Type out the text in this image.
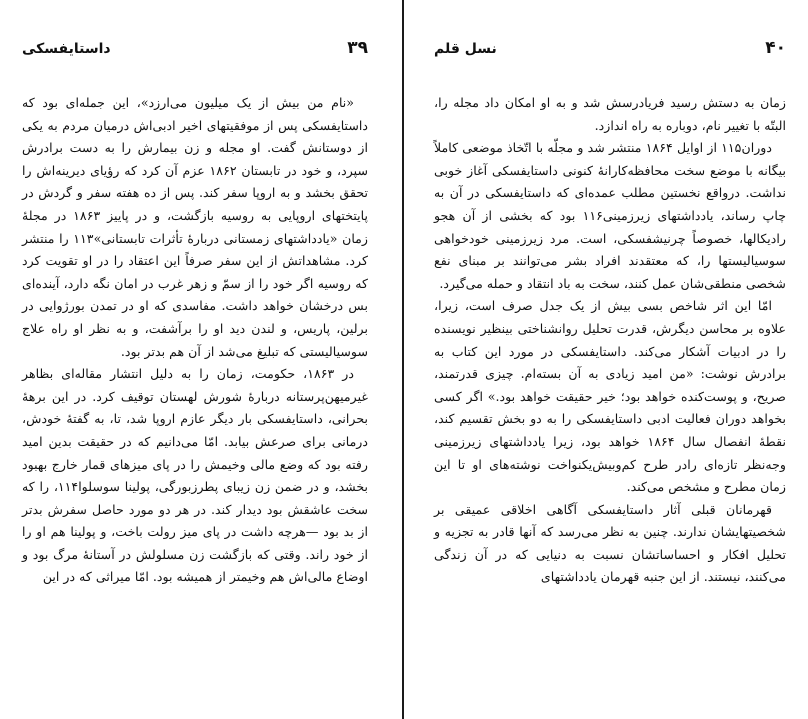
۳۹
داستایفسکی

«نام من بیش از یک میلیون می‌ارزد»، این جمله‌ای بود که داستایفسکی پس از موفقیتهای اخیر ادبی‌اش درمیان مردم به یکی از دوستانش گفت. او مجله و زن بیمارش را به دست برادرش سپرد، و خود در تابستان ۱۸۶۲ عزم آن کرد که رؤیای دیرینه‌اش را تحقق بخشد و به اروپا سفر کند. پس از ده هفته سفر و گردش در پایتختهای اروپایی به روسیه بازگشت، و در پاییز ۱۸۶۳ در مجلهٔ زمان «یادداشتهای زمستانی دربارهٔ تأثرات تابستانی»۱۱۳ را منتشر کرد. مشاهداتش از این سفر صرفاً این اعتقاد را در او تقویت کرد که روسیه اگر خود را از سمّ و زهر غرب در امان نگه دارد، آینده‌ای بس درخشان خواهد داشت. مفاسدی که او در تمدن بورژوایی در برلین، پاریس، و لندن دید او را برآشفت، و به نظر او راه علاج سوسیالیستی که تبلیغ می‌شد از آن هم بدتر بود.

در ۱۸۶۳، حکومت، زمان را به دلیل انتشار مقاله‌ای بظاهر غیرمیهن‌پرستانه دربارهٔ شورش لهستان توقیف کرد. در این برههٔ بحرانی، داستایفسکی بار دیگر عازم اروپا شد، تا، به گفتهٔ خودش، درمانی برای صرعش بیابد. امّا می‌دانیم که در حقیقت بدین امید رفته بود که وضع مالی وخیمش را در پای میزهای قمار خارج بهبود بخشد، و در ضمن زن زیبای پطرزبورگی، پولینا سوسلوا۱۱۴، را که سخت عاشقش بود دیدار کند. در هر دو مورد حاصل سفرش بدتر از بد بود —هرچه داشت در پای میز رولت باخت، و پولینا هم او را از خود راند. وقتی که بازگشت زن مسلولش در آستانهٔ مرگ بود و اوضاع مالی‌اش هم وخیمتر از همیشه بود. امّا میراثی که در این

۴۰
نسل قلم

زمان به دستش رسید فریادرسش شد و به او امکان داد مجله را، البتّه با تغییر نام، دوباره به راه اندازد.

دوران۱۱۵ از اوایل ۱۸۶۴ منتشر شد و مجلّه با اتّخاذ موضعی کاملاً بیگانه با موضع سخت محافظه‌کارانهٔ کنونی داستایفسکی آغاز خوبی نداشت. درواقع نخستین مطلب عمده‌ای که داستایفسکی در آن به چاپ رساند، یادداشتهای زیرزمینی۱۱۶ بود که بخشی از آن هجو رادیکالها، خصوصاً چرنیشفسکی، است. مرد زیرزمینی خودخواهی سوسیالیستها را، که معتقدند افراد بشر می‌توانند بر مبنای نفع شخصی منطقی‌شان عمل کنند، سخت به باد انتقاد و حمله می‌گیرد.

امّا این اثر شاخص بسی بیش از یک جدل صرف است، زیرا، علاوه بر محاسن دیگرش، قدرت تحلیل روانشناختی بینظیر نویسنده را در ادبیات آشکار می‌کند. داستایفسکی در مورد این کتاب به برادرش نوشت: «من امید زیادی به آن بسته‌ام. چیزی قدرتمند، صریح، و پوست‌کنده خواهد بود؛ خیر حقیقت خواهد بود.» اگر کسی بخواهد دوران فعالیت ادبی داستایفسکی را به دو بخش تقسیم کند، نقطهٔ انفصال سال ۱۸۶۴ خواهد بود، زیرا یادداشتهای زیرزمینی وجه‌نظر تازه‌ای رادر طرح کم‌وبیش‌یکنواخت نوشته‌های او تا این زمان مطرح و مشخص می‌کند.

قهرمانان قبلی آثار داستایفسکی آگاهی اخلاقی عمیقی بر شخصیتهایشان ندارند. چنین به نظر می‌رسد که آنها قادر به تجزیه و تحلیل افکار و احساساتشان نسبت به دنیایی که در آن زندگی می‌کنند، نیستند. از این جنبه قهرمان یادداشتهای
